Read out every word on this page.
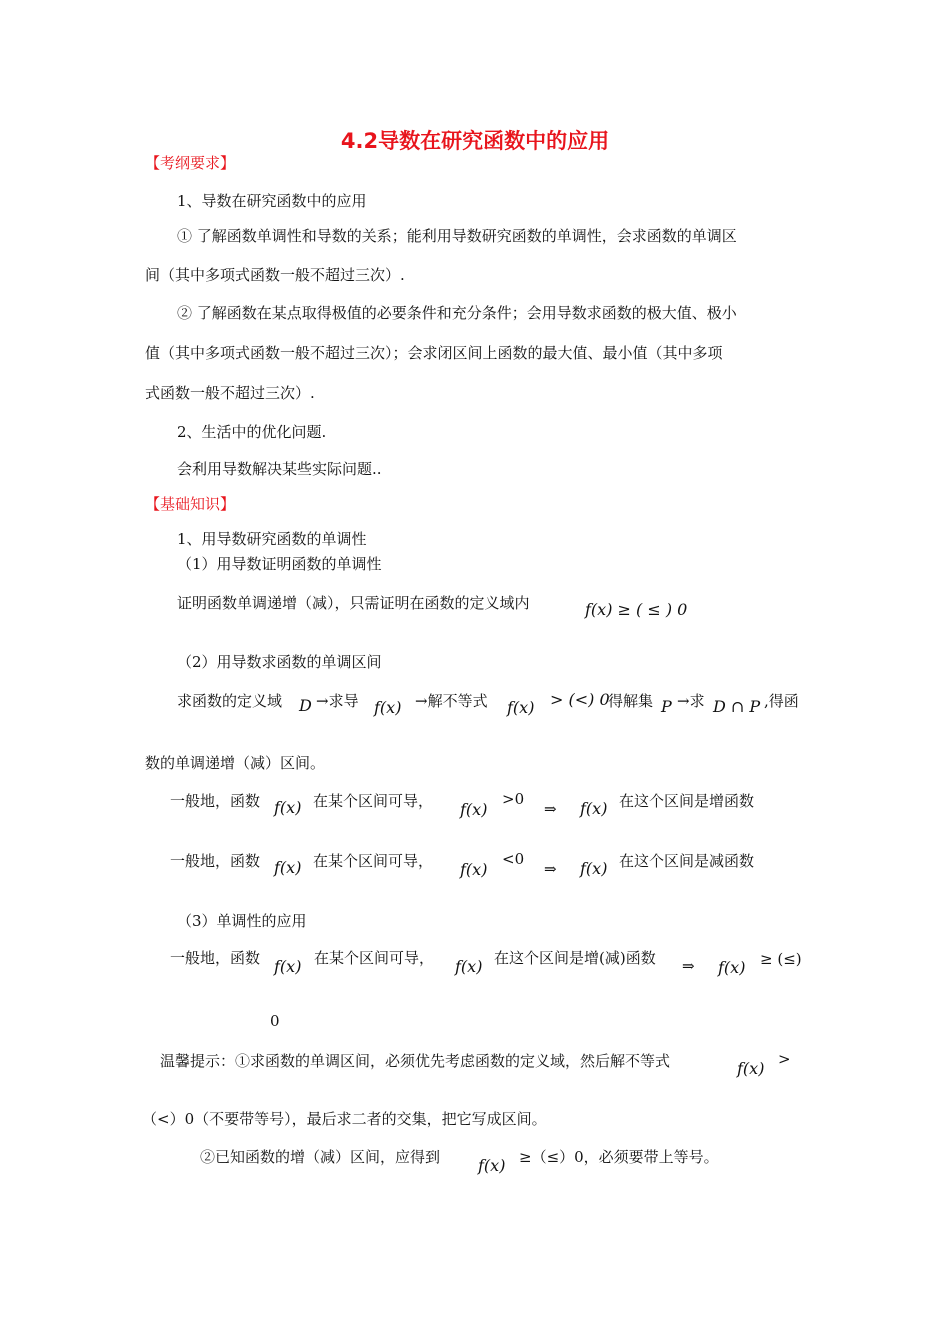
4.2导数在研究函数中的应用
【考纲要求】
1、导数在研究函数中的应用
① 了解函数单调性和导数的关系；能利用导数研究函数的单调性，会求函数的单调区
间（其中多项式函数一般不超过三次）.
② 了解函数在某点取得极值的必要条件和充分条件；会用导数求函数的极大值、极小
值（其中多项式函数一般不超过三次）；会求闭区间上函数的最大值、最小值（其中多项
式函数一般不超过三次）.
2、生活中的优化问题.
会利用导数解决某些实际问题..
【基础知识】
1、用导数研究函数的单调性
（1）用导数证明函数的单调性
证明函数单调递增（减），只需证明在函数的定义域内	f(x) ≥ ( ≤ ) 0
（2）用导数求函数的单调区间
求函数的定义域 D →求导 f(x) →解不等式 f(x) > (<) 0
得解集 P →求 D ∩ P ,得函
数的单调递增（减）区间。
一般地，函数 f(x) 在某个区间可导， f(x)
>0
⇒ f(x) 在这个区间是增函数
一般地，函数 f(x) 在某个区间可导， f(x)
<0
⇒ f(x) 在这个区间是减函数
（3）单调性的应用
一般地，函数 f(x) 在某个区间可导， f(x) 在这个区间是增(减)函数 ⇒ f(x) ≥ (≤)
0
温馨提示：①求函数的单调区间，必须优先考虑函数的定义域，然后解不等式	f(x) >
（<）0（不要带等号），最后求二者的交集，把它写成区间。
②已知函数的增（减）区间，应得到 f(x) ≥（≤）0，必须要带上等号。
